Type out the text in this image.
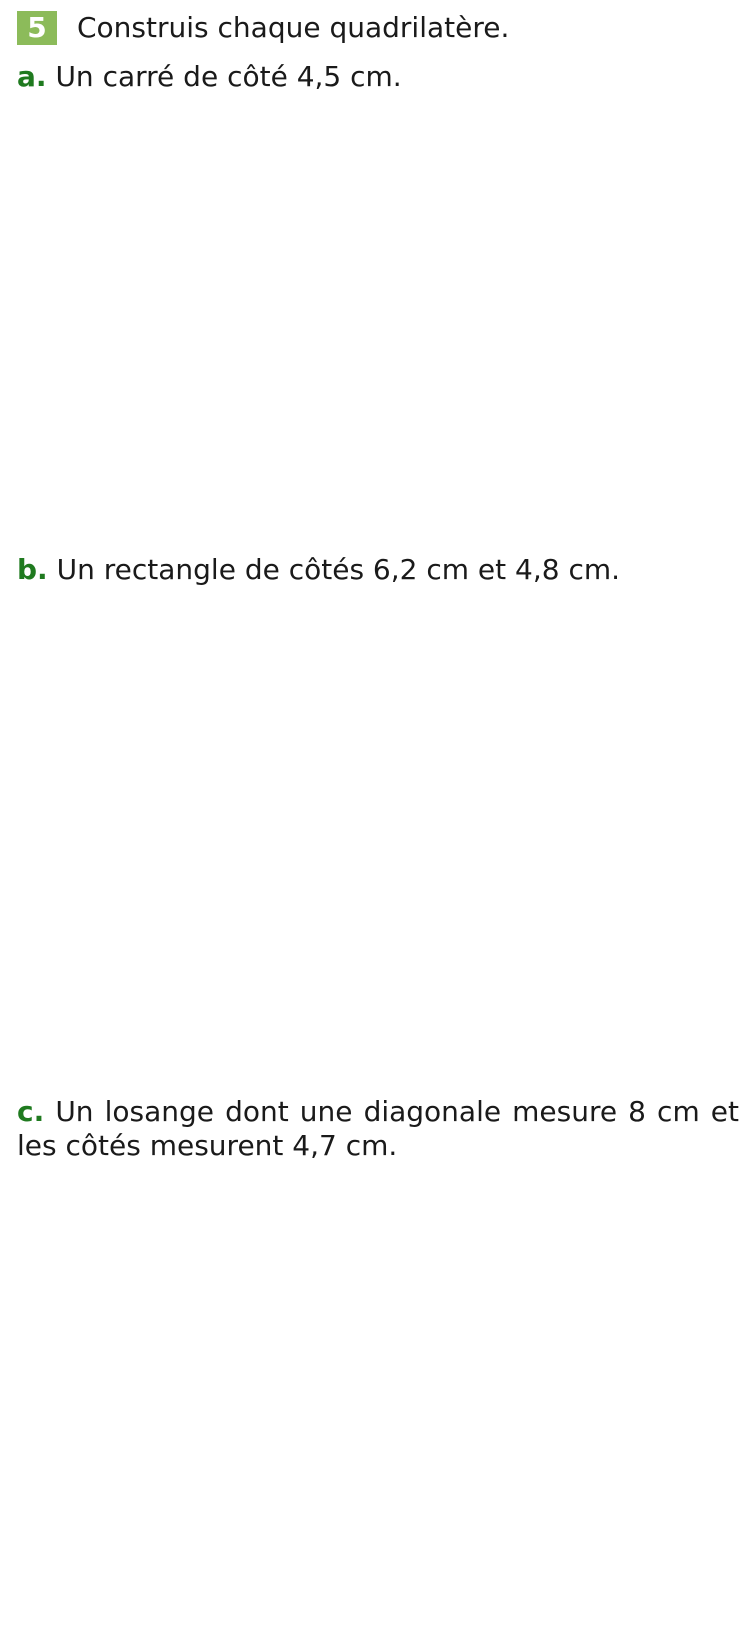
5	Construis chaque quadrilatère.
a. Un carré de côté 4,5 cm.
b. Un rectangle de côtés 6,2 cm et 4,8 cm.
c. Un losange dont une diagonale mesure 8 cm et les côtés mesurent 4,7 cm.
